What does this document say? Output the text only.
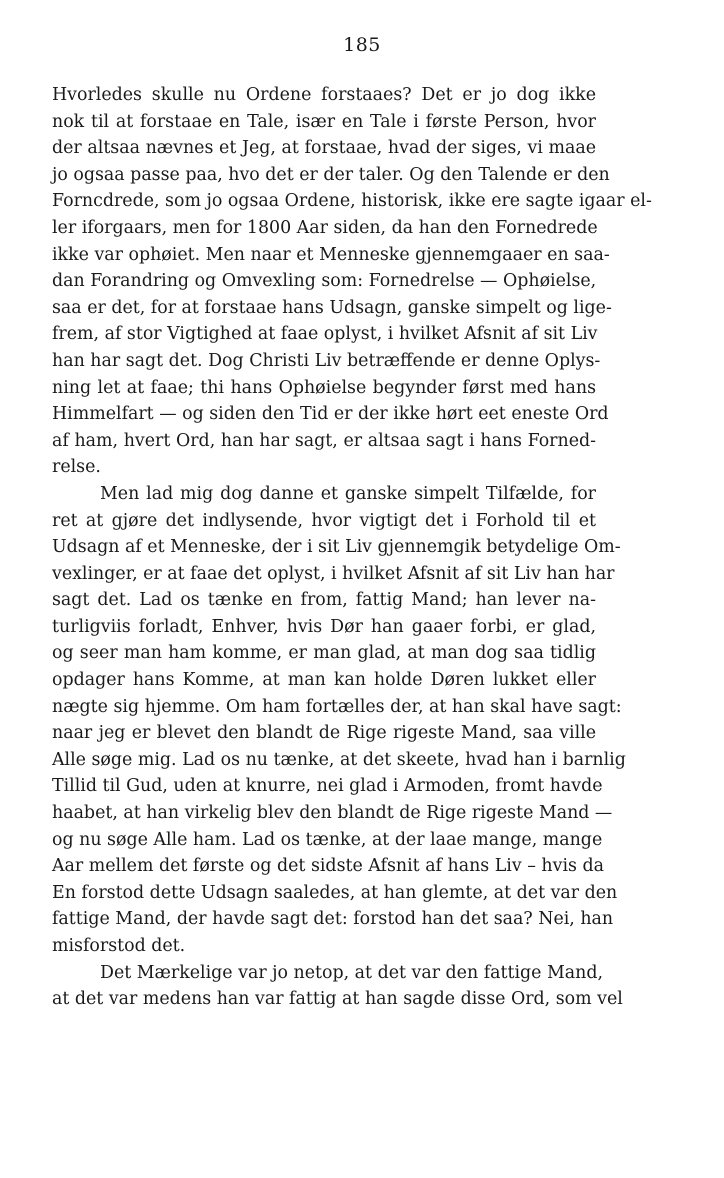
185
Hvorledes skulle nu Ordene forstaaes? Det er jo dog ikke
nok til at forstaae en Tale, især en Tale i første Person, hvor
der altsaa nævnes et Jeg, at forstaae, hvad der siges, vi maae
jo ogsaa passe paa, hvo det er der taler. Og den Talende er den
Forncdrede, som jo ogsaa Ordene, historisk, ikke ere sagte igaar el-
ler iforgaars, men for 1800 Aar siden, da han den Fornedrede
ikke var ophøiet. Men naar et Menneske gjennemgaaer en saa-
dan Forandring og Omvexling som: Fornedrelse — Ophøielse,
saa er det, for at forstaae hans Udsagn, ganske simpelt og lige-
frem, af stor Vigtighed at faae oplyst, i hvilket Afsnit af sit Liv
han har sagt det. Dog Christi Liv betræffende er denne Oplys-
ning let at faae; thi hans Ophøielse begynder først med hans
Himmelfart — og siden den Tid er der ikke hørt eet eneste Ord
af ham, hvert Ord, han har sagt, er altsaa sagt i hans Forned-
relse.
Men lad mig dog danne et ganske simpelt Tilfælde, for
ret at gjøre det indlysende, hvor vigtigt det i Forhold til et
Udsagn af et Menneske, der i sit Liv gjennemgik betydelige Om-
vexlinger, er at faae det oplyst, i hvilket Afsnit af sit Liv han har
sagt det. Lad os tænke en from, fattig Mand; han lever na-
turligviis forladt, Enhver, hvis Dør han gaaer forbi, er glad,
og seer man ham komme, er man glad, at man dog saa tidlig
opdager hans Komme, at man kan holde Døren lukket eller
nægte sig hjemme. Om ham fortælles der, at han skal have sagt:
naar jeg er blevet den blandt de Rige rigeste Mand, saa ville
Alle søge mig. Lad os nu tænke, at det skeete, hvad han i barnlig
Tillid til Gud, uden at knurre, nei glad i Armoden, fromt havde
haabet, at han virkelig blev den blandt de Rige rigeste Mand —
og nu søge Alle ham. Lad os tænke, at der laae mange, mange
Aar mellem det første og det sidste Afsnit af hans Liv – hvis da
En forstod dette Udsagn saaledes, at han glemte, at det var den
fattige Mand, der havde sagt det: forstod han det saa? Nei, han
misforstod det.
Det Mærkelige var jo netop, at det var den fattige Mand,
at det var medens han var fattig at han sagde disse Ord, som vel
